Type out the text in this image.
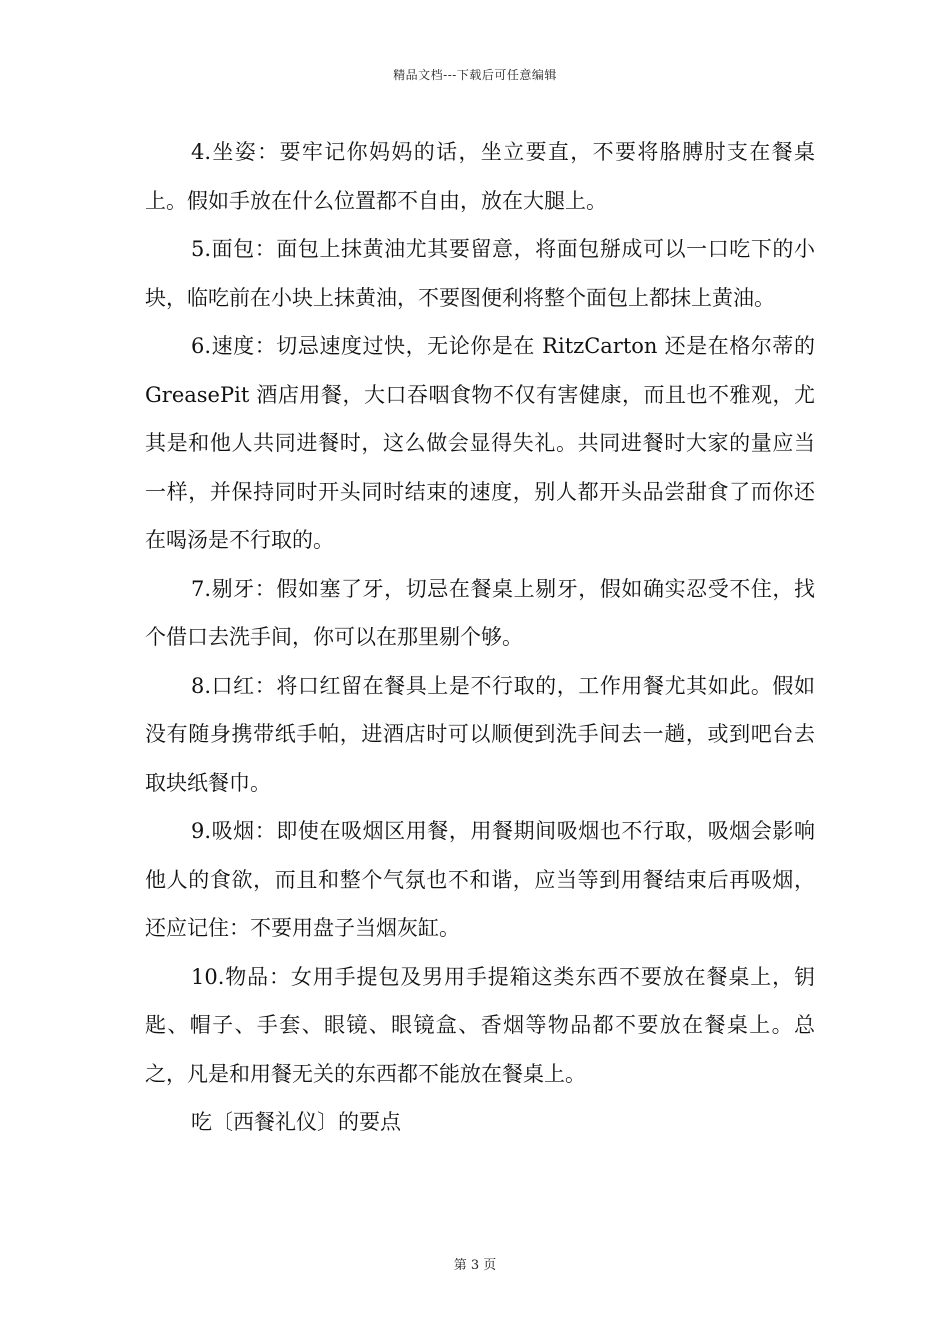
精品文档---下载后可任意编辑

4.坐姿：要牢记你妈妈的话，坐立要直，不要将胳膊肘支在餐桌上。假如手放在什么位置都不自由，放在大腿上。

5.面包：面包上抹黄油尤其要留意，将面包掰成可以一口吃下的小块，临吃前在小块上抹黄油，不要图便利将整个面包上都抹上黄油。

6.速度：切忌速度过快，无论你是在 RitzCarton 还是在格尔蒂的 GreasePit 酒店用餐，大口吞咽食物不仅有害健康，而且也不雅观，尤其是和他人共同进餐时，这么做会显得失礼。共同进餐时大家的量应当一样，并保持同时开头同时结束的速度，别人都开头品尝甜食了而你还在喝汤是不行取的。

7.剔牙：假如塞了牙，切忌在餐桌上剔牙，假如确实忍受不住，找个借口去洗手间，你可以在那里剔个够。

8.口红：将口红留在餐具上是不行取的，工作用餐尤其如此。假如没有随身携带纸手帕，进酒店时可以顺便到洗手间去一趟，或到吧台去取块纸餐巾。

9.吸烟：即使在吸烟区用餐，用餐期间吸烟也不行取，吸烟会影响他人的食欲，而且和整个气氛也不和谐，应当等到用餐结束后再吸烟，还应记住：不要用盘子当烟灰缸。

10.物品：女用手提包及男用手提箱这类东西不要放在餐桌上，钥匙、帽子、手套、眼镜、眼镜盒、香烟等物品都不要放在餐桌上。总之，凡是和用餐无关的东西都不能放在餐桌上。

吃〔西餐礼仪〕的要点

第 3 页
